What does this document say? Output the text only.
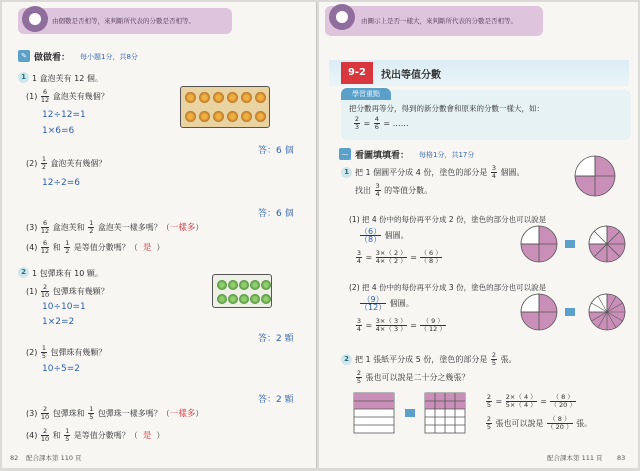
由個數是否相等，來判斷所代表的分數是否相等。
✎ 做做看： 每小題1分，共8分
1 1 盒泡芙有 12 個。
$(1) \frac{6}{12}$ 盒泡芙有幾個？
12÷12=1
1×6=6
答：6 個
$(2) \frac{1}{2}$ 盒泡芙有幾個？
12÷2=6
答：6 個
$(3) \frac{6}{12}$ 盒泡芙和 $\frac{1}{2}$ 盒泡芙一樣多嗎？（一樣多）
$(4) \frac{6}{12}$ 和 $\frac{1}{2}$ 是等值分數嗎？（ 是 ）
2 1 包彈珠有 10 顆。
$(1) \frac{2}{10}$ 包彈珠有幾顆？
10÷10=1
1×2=2
答：2 顆
$(2) \frac{1}{5}$ 包彈珠有幾顆？
10÷5=2
答：2 顆
$(3) \frac{2}{10}$ 包彈珠和 $\frac{1}{5}$ 包彈珠一樣多嗎？（一樣多）
$(4) \frac{2}{10}$ 和 $\frac{1}{5}$ 是等值分數嗎？（ 是 ）
82 配合課本第 110 頁
由圖示上是否一樣大，來判斷所代表的分數是否相等。
9-2	找出等值分數
學習重點
把分數再等分，得到的新分數會和原來的分數一樣大，如：
$\frac{2}{3} = \frac{4}{6}$ = ……
— 看圖填填看： 每格1分，共17分
1 把 1 個圓平分成 4 份，塗色的部分是 $\frac{3}{4}$ 個圓。
找出 $\frac{3}{4}$ 的等值分數。
(1) 把 4 份中的每份再平分成 2 份，塗色的部分也可以說是
$\frac{(6)}{(8)}$ 個圓。
$\frac{3}{4} = \frac{3\times( 2 )}{4\times( 2 )} = \frac{( 6 )}{( 8 )}$
(2) 把 4 份中的每份再平分成 3 份，塗色的部分也可以說是
$\frac{(9)}{(12)}$ 個圓。
$\frac{3}{4} = \frac{3\times( 3 )}{4\times( 3 )} = \frac{( 9 )}{( 12 )}$
2 把 1 張紙平分成 5 份，塗色的部分是 $\frac{2}{5}$ 張。
$\frac{2}{5}$ 張也可以說是二十分之幾張？
$\frac{2}{5} = \frac{2\times( 4 )}{5\times( 4 )} = \frac{( 8 )}{( 20 )}$
$\frac{2}{5}$ 張也可以說是 $\frac{( 8 )}{( 20 )}$ 張。
配合課本第 111 頁 83
